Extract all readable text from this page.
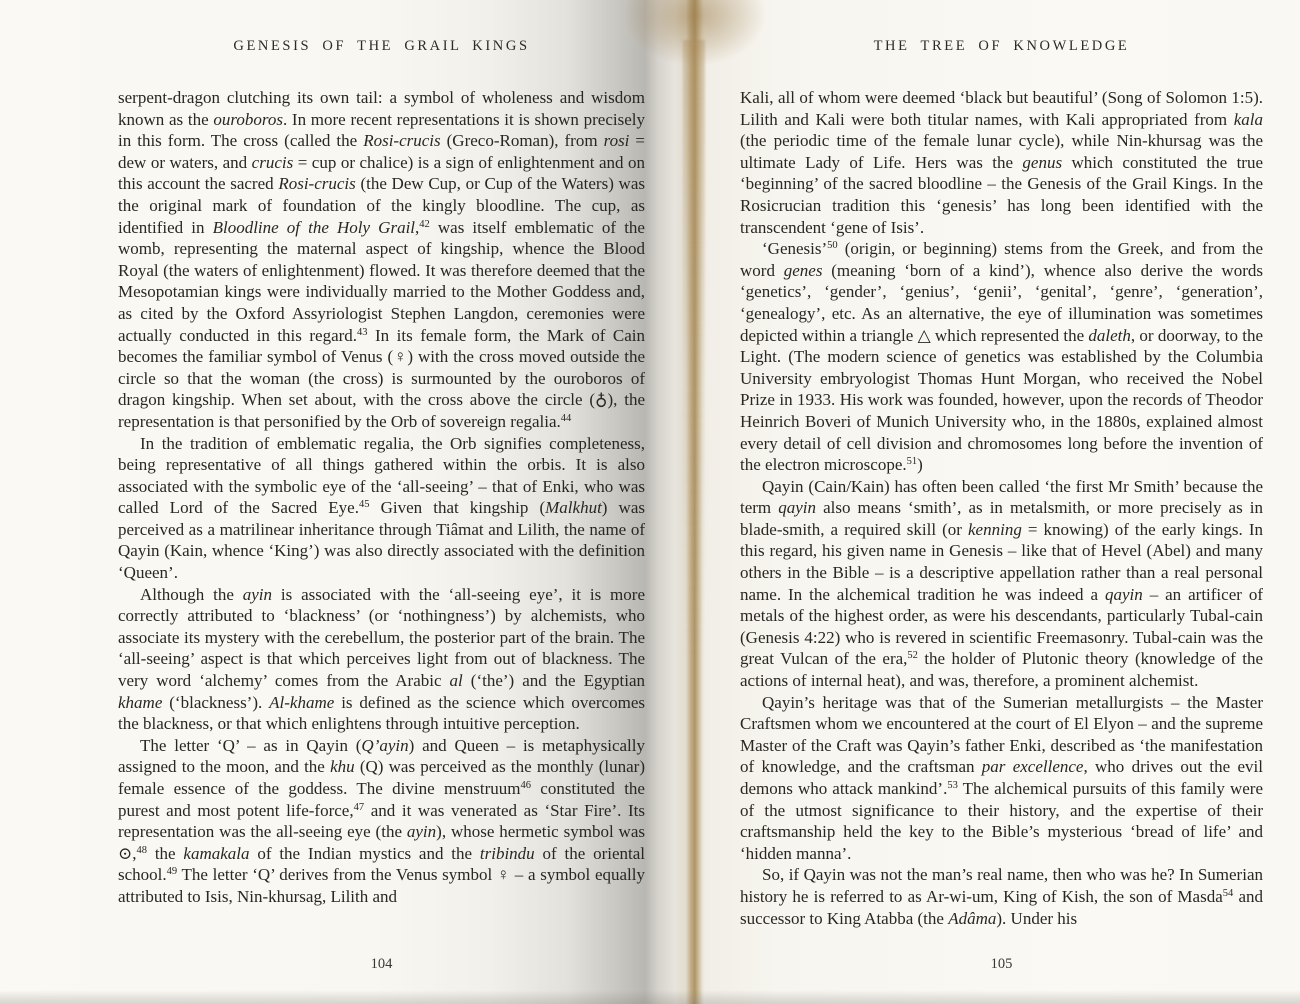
GENESIS OF THE GRAIL KINGS

serpent-dragon clutching its own tail: a symbol of wholeness and wisdom known as the ouroboros. In more recent representations it is shown precisely in this form. The cross (called the Rosi-crucis (Greco-Roman), from rosi = dew or waters, and crucis = cup or chalice) is a sign of enlightenment and on this account the sacred Rosi-crucis (the Dew Cup, or Cup of the Waters) was the original mark of foundation of the kingly bloodline. The cup, as identified in Bloodline of the Holy Grail,$^{42}$ was itself emblematic of the womb, representing the maternal aspect of kingship, whence the Blood Royal (the waters of enlightenment) flowed. It was therefore deemed that the Mesopotamian kings were individually married to the Mother Goddess and, as cited by the Oxford Assyriologist Stephen Langdon, ceremonies were actually conducted in this regard.$^{43}$ In its female form, the Mark of Cain becomes the familiar symbol of Venus (♀) with the cross moved outside the circle so that the woman (the cross) is surmounted by the ouroboros of dragon kingship. When set about, with the cross above the circle (♁), the representation is that personified by the Orb of sovereign regalia.$^{44}$

In the tradition of emblematic regalia, the Orb signifies completeness, being representative of all things gathered within the orbis. It is also associated with the symbolic eye of the ‘all-seeing’ – that of Enki, who was called Lord of the Sacred Eye.$^{45}$ Given that kingship (Malkhut) was perceived as a matrilinear inheritance through Tiâmat and Lilith, the name of Qayin (Kain, whence ‘King’) was also directly associated with the definition ‘Queen’.

Although the ayin is associated with the ‘all-seeing eye’, it is more correctly attributed to ‘blackness’ (or ‘nothingness’) by alchemists, who associate its mystery with the cerebellum, the posterior part of the brain. The ‘all-seeing’ aspect is that which perceives light from out of blackness. The very word ‘alchemy’ comes from the Arabic al (‘the’) and the Egyptian khame (‘blackness’). Al-khame is defined as the science which overcomes the blackness, or that which enlightens through intuitive perception.

The letter ‘Q’ – as in Qayin (Q’ayin) and Queen – is metaphysically assigned to the moon, and the khu (Q) was perceived as the monthly (lunar) female essence of the goddess. The divine menstruum$^{46}$ constituted the purest and most potent life-force,$^{47}$ and it was venerated as ‘Star Fire’. Its representation was the all-seeing eye (the ayin), whose hermetic symbol was ⊙,$^{48}$ the kamakala of the Indian mystics and the tribindu of the oriental school.$^{49}$ The letter ‘Q’ derives from the Venus symbol ♀ – a symbol equally attributed to Isis, Nin-khursag, Lilith and

104
THE TREE OF KNOWLEDGE

Kali, all of whom were deemed ‘black but beautiful’ (Song of Solomon 1:5). Lilith and Kali were both titular names, with Kali appropriated from kala (the periodic time of the female lunar cycle), while Nin-khursag was the ultimate Lady of Life. Hers was the genus which constituted the true ‘beginning’ of the sacred bloodline – the Genesis of the Grail Kings. In the Rosicrucian tradition this ‘genesis’ has long been identified with the transcendent ‘gene of Isis’.

‘Genesis’$^{50}$ (origin, or beginning) stems from the Greek, and from the word genes (meaning ‘born of a kind’), whence also derive the words ‘genetics’, ‘gender’, ‘genius’, ‘genii’, ‘genital’, ‘genre’, ‘generation’, ‘genealogy’, etc. As an alternative, the eye of illumination was sometimes depicted within a triangle △ which represented the daleth, or doorway, to the Light. (The modern science of genetics was established by the Columbia University embryologist Thomas Hunt Morgan, who received the Nobel Prize in 1933. His work was founded, however, upon the records of Theodor Heinrich Boveri of Munich University who, in the 1880s, explained almost every detail of cell division and chromosomes long before the invention of the electron microscope.$^{51}$)

Qayin (Cain/Kain) has often been called ‘the first Mr Smith’ because the term qayin also means ‘smith’, as in metalsmith, or more precisely as in blade-smith, a required skill (or kenning = knowing) of the early kings. In this regard, his given name in Genesis – like that of Hevel (Abel) and many others in the Bible – is a descriptive appellation rather than a real personal name. In the alchemical tradition he was indeed a qayin – an artificer of metals of the highest order, as were his descendants, particularly Tubal-cain (Genesis 4:22) who is revered in scientific Freemasonry. Tubal-cain was the great Vulcan of the era,$^{52}$ the holder of Plutonic theory (knowledge of the actions of internal heat), and was, therefore, a prominent alchemist.

Qayin’s heritage was that of the Sumerian metallurgists – the Master Craftsmen whom we encountered at the court of El Elyon – and the supreme Master of the Craft was Qayin’s father Enki, described as ‘the manifestation of knowledge, and the craftsman par excellence, who drives out the evil demons who attack mankind’.$^{53}$ The alchemical pursuits of this family were of the utmost significance to their history, and the expertise of their craftsmanship held the key to the Bible’s mysterious ‘bread of life’ and ‘hidden manna’.

So, if Qayin was not the man’s real name, then who was he? In Sumerian history he is referred to as Ar-wi-um, King of Kish, the son of Masda$^{54}$ and successor to King Atabba (the Adâma). Under his

105
